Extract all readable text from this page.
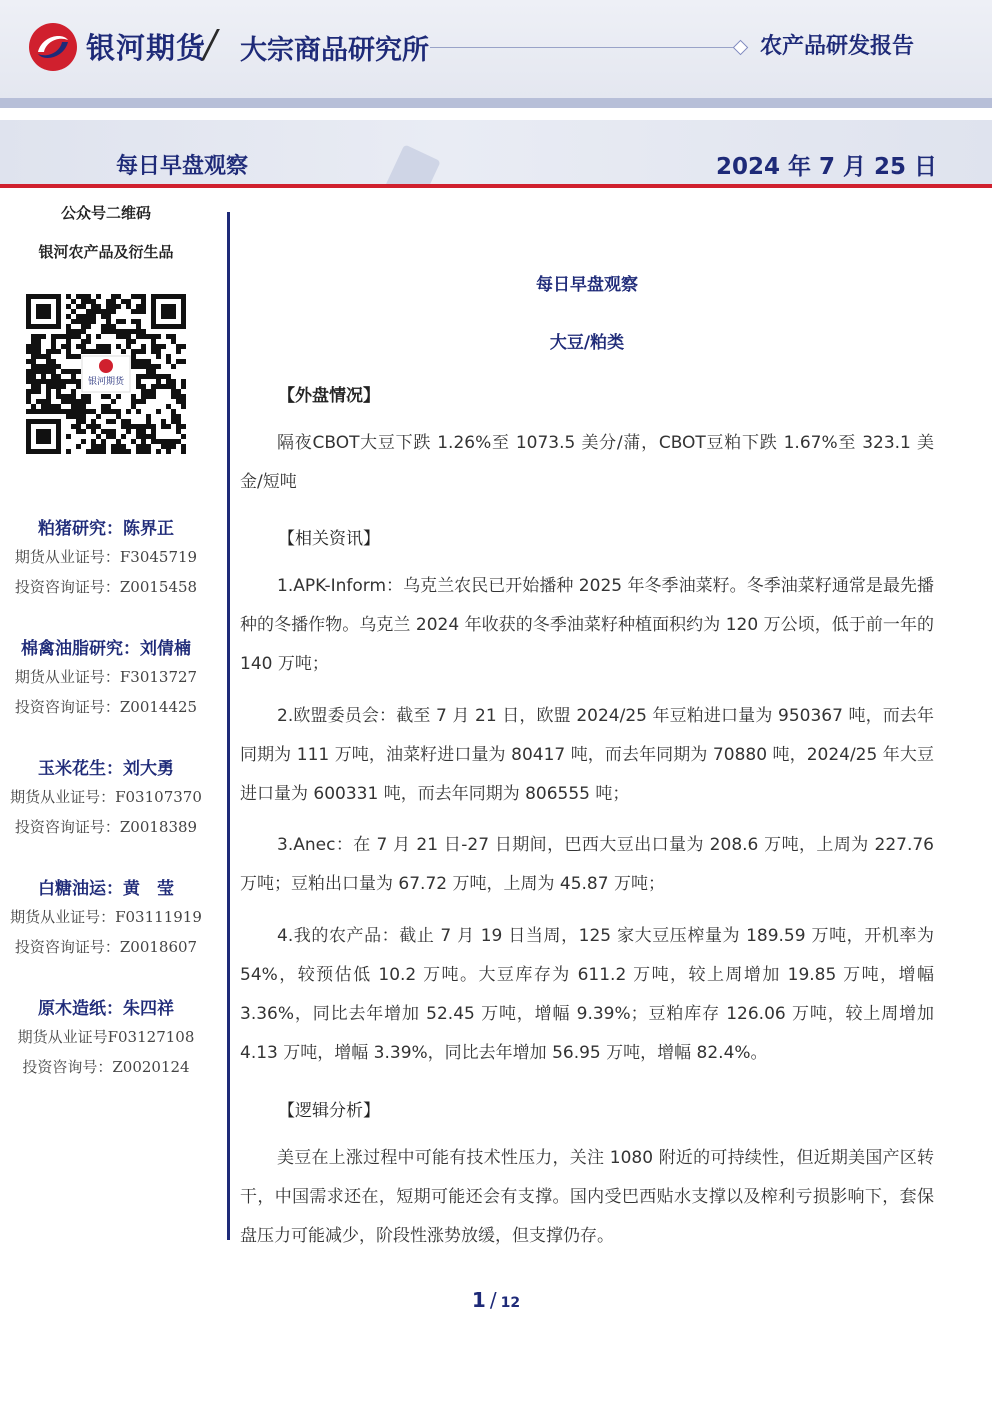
银河期货
/ 大宗商品研究所	农产品研发报告
每日早盘观察	2024 年 7 月 25 日
公众号二维码
银河农产品及衍生品
银河期货
粕猪研究：陈界正
期货从业证号：F3045719
投资咨询证号：Z0015458
棉禽油脂研究：刘倩楠
期货从业证号：F3013727
投资咨询证号：Z0014425
玉米花生：刘大勇
期货从业证号：F03107370
投资咨询证号：Z0018389
白糖油运：黄　莹
期货从业证号：F03111919
投资咨询证号：Z0018607
原木造纸：朱四祥
期货从业证号F03127108
投资咨询号：Z0020124
每日早盘观察
大豆/粕类
【外盘情况】
隔夜CBOT大豆下跌 1.26%至 1073.5 美分/蒲，CBOT豆粕下跌 1.67%至 323.1 美金/短吨
【相关资讯】
1.APK-Inform：乌克兰农民已开始播种 2025 年冬季油菜籽。冬季油菜籽通常是最先播种的冬播作物。乌克兰 2024 年收获的冬季油菜籽种植面积约为 120 万公顷，低于前一年的 140 万吨；
2.欧盟委员会：截至 7 月 21 日，欧盟 2024/25 年豆粕进口量为 950367 吨，而去年同期为 111 万吨，油菜籽进口量为 80417 吨，而去年同期为 70880 吨，2024/25 年大豆进口量为 600331 吨，而去年同期为 806555 吨；
3.Anec：在 7 月 21 日-27 日期间，巴西大豆出口量为 208.6 万吨，上周为 227.76 万吨；豆粕出口量为 67.72 万吨，上周为 45.87 万吨；
4.我的农产品：截止 7 月 19 日当周，125 家大豆压榨量为 189.59 万吨，开机率为 54%，较预估低 10.2 万吨。大豆库存为 611.2 万吨，较上周增加 19.85 万吨，增幅 3.36%，同比去年增加 52.45 万吨，增幅 9.39%；豆粕库存 126.06 万吨，较上周增加 4.13 万吨，增幅 3.39%，同比去年增加 56.95 万吨，增幅 82.4%。
【逻辑分析】
美豆在上涨过程中可能有技术性压力，关注 1080 附近的可持续性，但近期美国产区转干，中国需求还在，短期可能还会有支撑。国内受巴西贴水支撑以及榨利亏损影响下，套保盘压力可能减少，阶段性涨势放缓，但支撑仍存。
1 / 12
